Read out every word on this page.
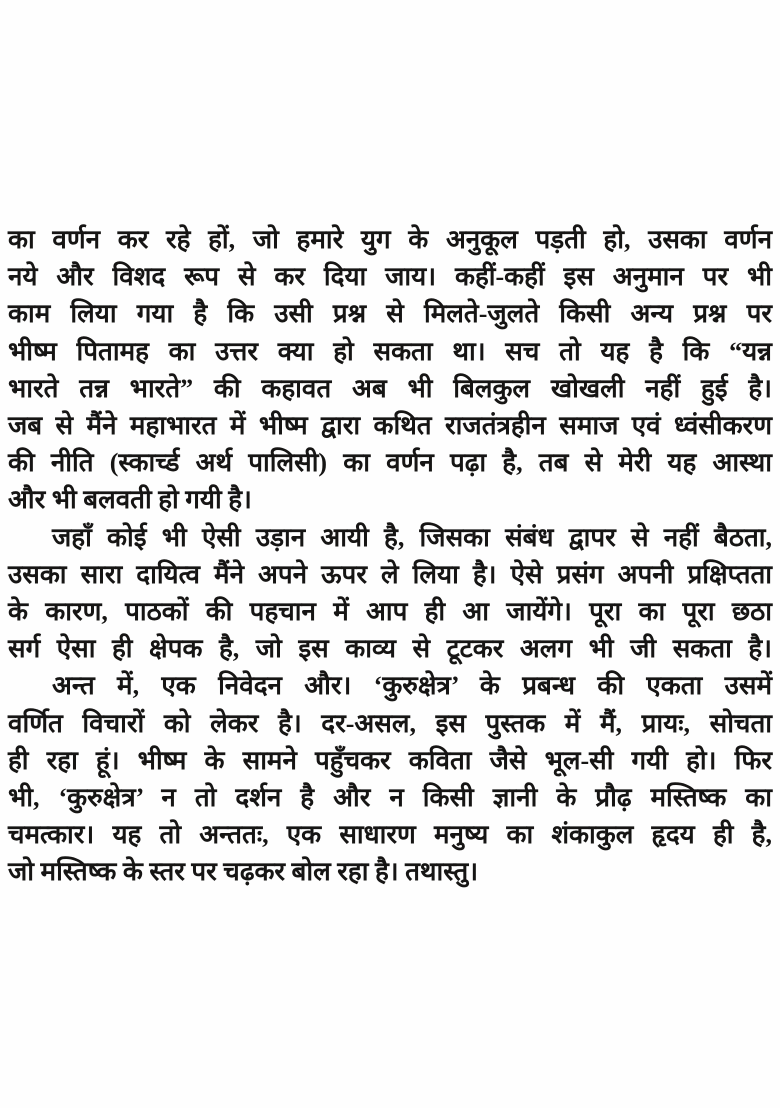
का वर्णन कर रहे हों, जो हमारे युग के अनुकूल पड़ती हो, उसका वर्णन
नये और विशद रूप से कर दिया जाय। कहीं-कहीं इस अनुमान पर भी
काम लिया गया है कि उसी प्रश्न से मिलते-जुलते किसी अन्य प्रश्न पर
भीष्म पितामह का उत्तर क्या हो सकता था। सच तो यह है कि “यन्न
भारते तन्न भारते” की कहावत अब भी बिलकुल खोखली नहीं हुई है।
जब से मैंने महाभारत में भीष्म द्वारा कथित राजतंत्रहीन समाज एवं ध्वंसीकरण
की नीति (स्कार्च्ड अर्थ पालिसी) का वर्णन पढ़ा है, तब से मेरी यह आस्था
और भी बलवती हो गयी है।
जहाँ कोई भी ऐसी उड़ान आयी है, जिसका संबंध द्वापर से नहीं बैठता,
उसका सारा दायित्व मैंने अपने ऊपर ले लिया है। ऐसे प्रसंग अपनी प्रक्षिप्तता
के कारण, पाठकों की पहचान में आप ही आ जायेंगे। पूरा का पूरा छठा
सर्ग ऐसा ही क्षेपक है, जो इस काव्य से टूटकर अलग भी जी सकता है।
अन्त में, एक निवेदन और। ‘कुरुक्षेत्र’ के प्रबन्ध की एकता उसमें
वर्णित विचारों को लेकर है। दर-असल, इस पुस्तक में मैं, प्रायः, सोचता
ही रहा हूं। भीष्म के सामने पहुँचकर कविता जैसे भूल-सी गयी हो। फिर
भी, ‘कुरुक्षेत्र’ न तो दर्शन है और न किसी ज्ञानी के प्रौढ़ मस्तिष्क का
चमत्कार। यह तो अन्ततः, एक साधारण मनुष्य का शंकाकुल हृदय ही है,
जो मस्तिष्क के स्तर पर चढ़कर बोल रहा है। तथास्तु।
